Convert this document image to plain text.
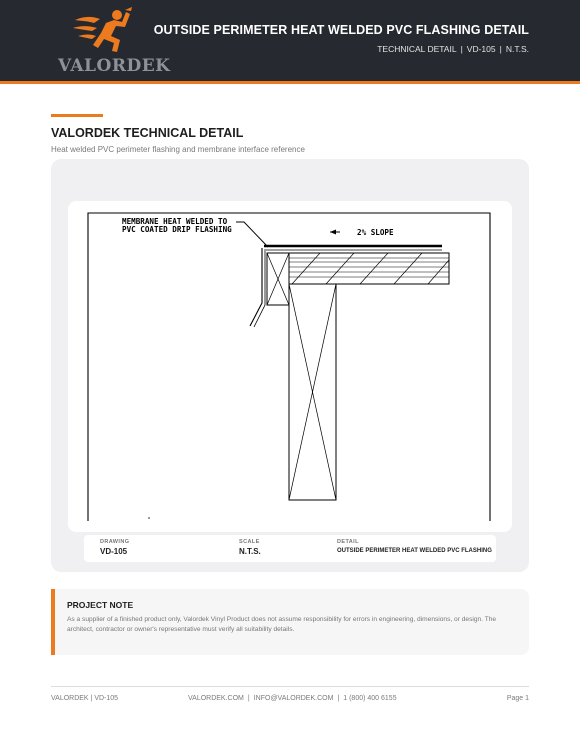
VALORDEK
OUTSIDE PERIMETER HEAT WELDED PVC FLASHING DETAIL
TECHNICAL DETAIL | VD-105 | N.T.S.
VALORDEK TECHNICAL DETAIL
Heat welded PVC perimeter flashing and membrane interface reference
MEMBRANE HEAT WELDED TO
PVC COATED DRIP FLASHING	2% SLOPE
DRAWING
VD-105
SCALE
N.T.S.
DETAIL
OUTSIDE PERIMETER HEAT WELDED PVC FLASHING
PROJECT NOTE
As a supplier of a finished product only, Valordek Vinyl Product does not assume responsibility for errors in engineering, dimensions, or design. The architect, contractor or owner's representative must verify all suitability details.
VALORDEK | VD-105	VALORDEK.COM | INFO@VALORDEK.COM | 1 (800) 400 6155	Page 1
